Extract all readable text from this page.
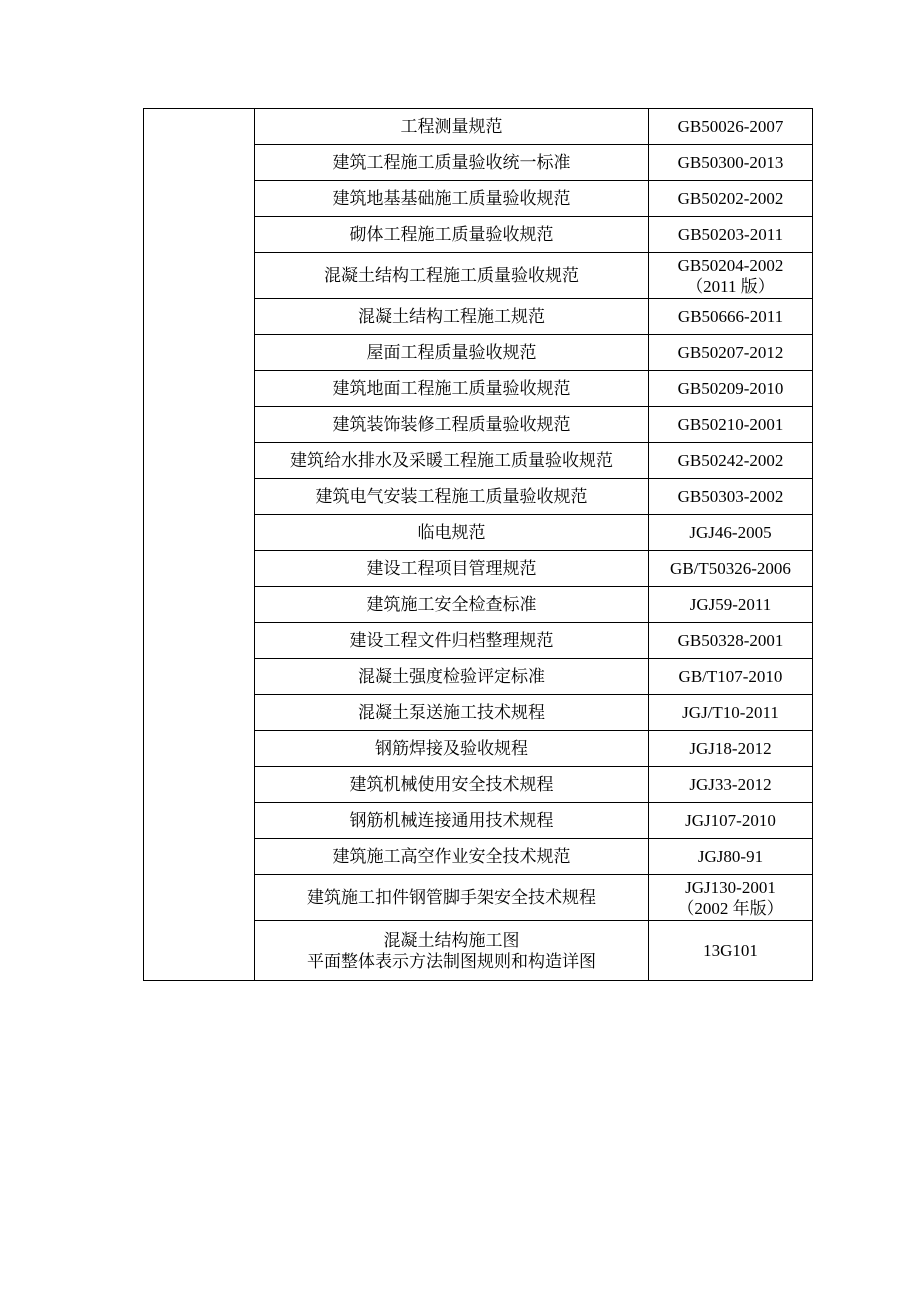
	工程测量规范	GB50026-2007
	建筑工程施工质量验收统一标准	GB50300-2013
	建筑地基基础施工质量验收规范	GB50202-2002
	砌体工程施工质量验收规范	GB50203-2011
	混凝土结构工程施工质量验收规范	GB50204-2002
（2011 版）

	混凝土结构工程施工规范	GB50666-2011
	屋面工程质量验收规范	GB50207-2012
	建筑地面工程施工质量验收规范	GB50209-2010
	建筑装饰装修工程质量验收规范	GB50210-2001
	建筑给水排水及采暖工程施工质量验收规范	GB50242-2002
	建筑电气安装工程施工质量验收规范	GB50303-2002
	临电规范	JGJ46-2005
	建设工程项目管理规范	GB/T50326-2006
	建筑施工安全检查标准	JGJ59-2011
	建设工程文件归档整理规范	GB50328-2001
	混凝土强度检验评定标准	GB/T107-2010
	混凝土泵送施工技术规程	JGJ/T10-2011
	钢筋焊接及验收规程	JGJ18-2012
	建筑机械使用安全技术规程	JGJ33-2012
	钢筋机械连接通用技术规程	JGJ107-2010
	建筑施工高空作业安全技术规范	JGJ80-91
	建筑施工扣件钢管脚手架安全技术规程	JGJ130-2001
（2002 年版）

	混凝土结构施工图
平面整体表示方法制图规则和构造详图	13G101
